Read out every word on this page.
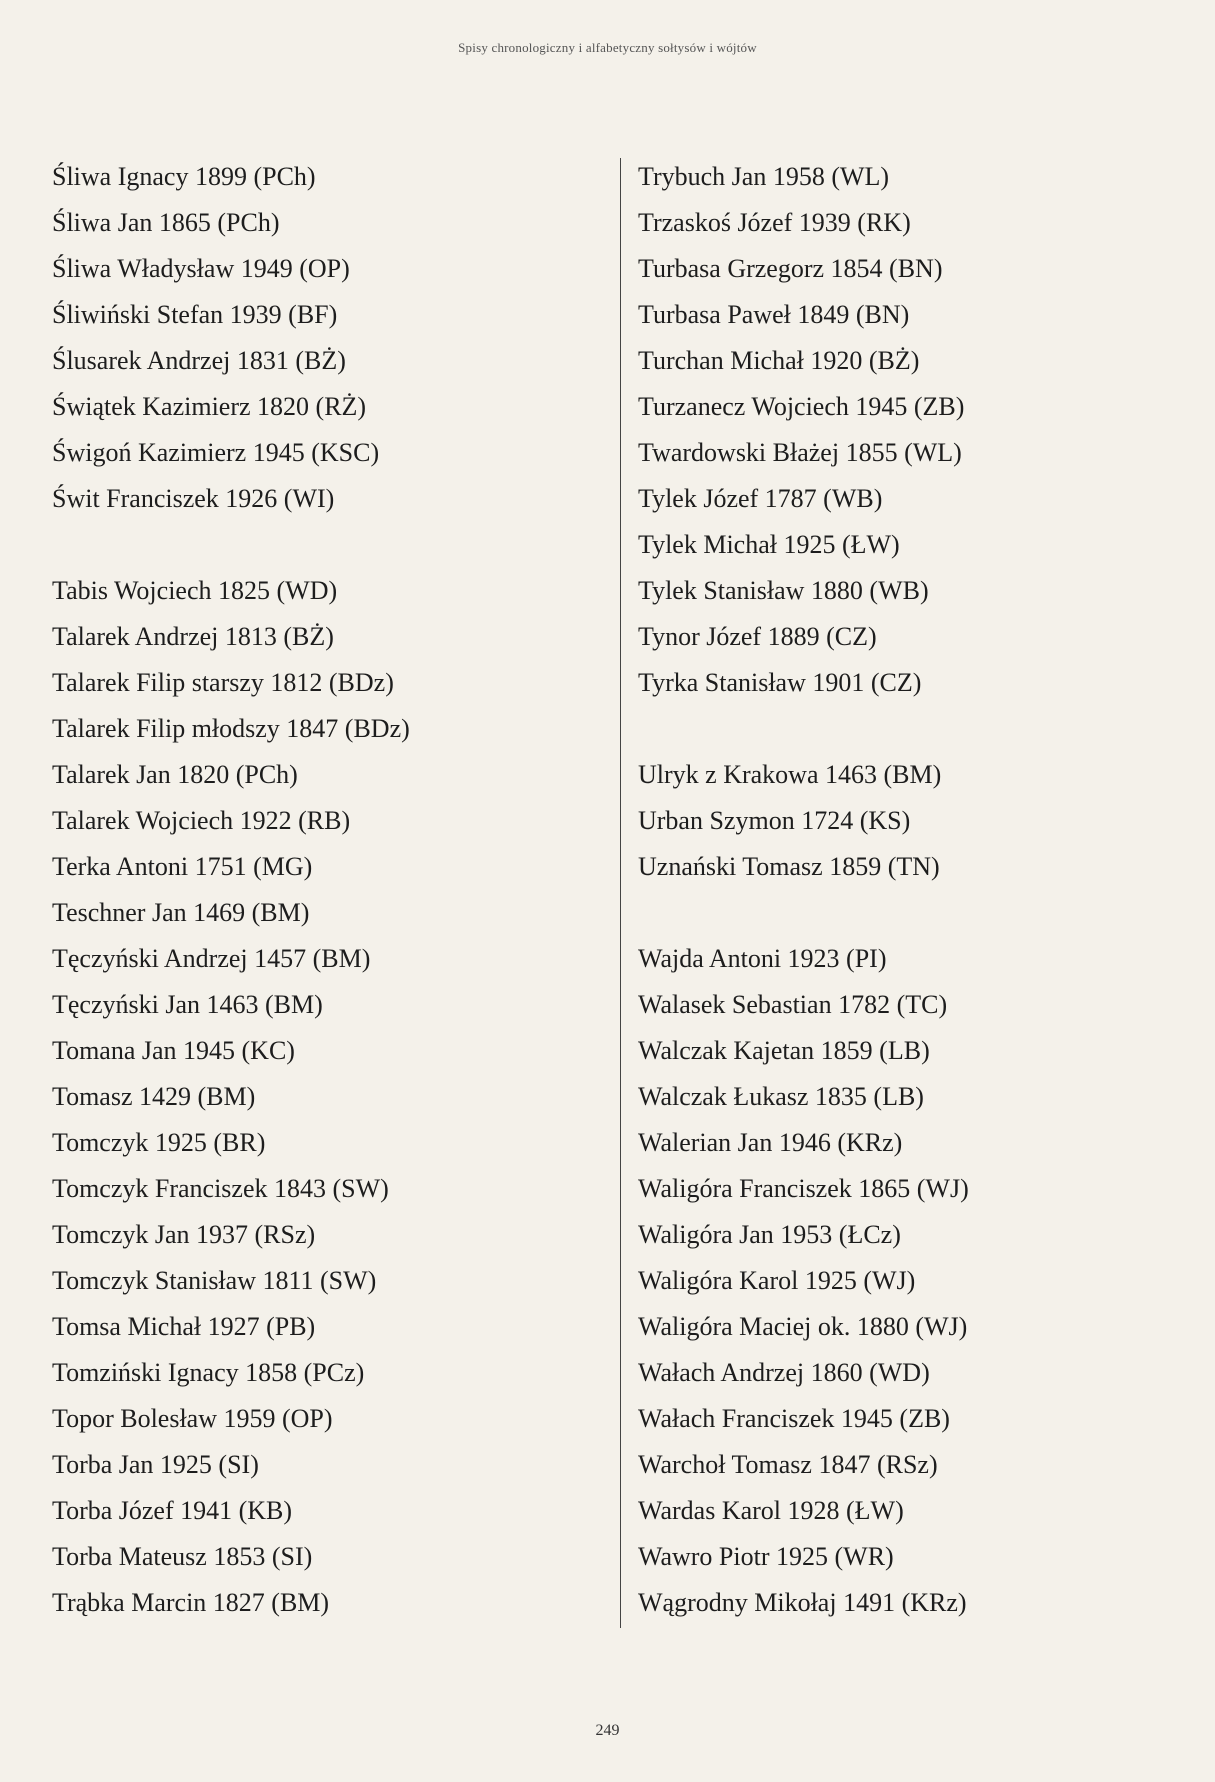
Spisy chronologiczny i alfabetyczny sołtysów i wójtów
Śliwa Ignacy 1899 (PCh)
Śliwa Jan 1865 (PCh)
Śliwa Władysław 1949 (OP)
Śliwiński Stefan 1939 (BF)
Ślusarek Andrzej 1831 (BŻ)
Świątek Kazimierz 1820 (RŻ)
Świgoń Kazimierz 1945 (KSC)
Świt Franciszek 1926 (WI)
Tabis Wojciech 1825 (WD)
Talarek Andrzej 1813 (BŻ)
Talarek Filip starszy 1812 (BDz)
Talarek Filip młodszy 1847 (BDz)
Talarek Jan 1820 (PCh)
Talarek Wojciech 1922 (RB)
Terka Antoni 1751 (MG)
Teschner Jan 1469 (BM)
Tęczyński Andrzej 1457 (BM)
Tęczyński Jan 1463 (BM)
Tomana Jan 1945 (KC)
Tomasz 1429 (BM)
Tomczyk 1925 (BR)
Tomczyk Franciszek 1843 (SW)
Tomczyk Jan 1937 (RSz)
Tomczyk Stanisław 1811 (SW)
Tomsa Michał 1927 (PB)
Tomziński Ignacy 1858 (PCz)
Topor Bolesław 1959 (OP)
Torba Jan 1925 (SI)
Torba Józef 1941 (KB)
Torba Mateusz 1853 (SI)
Trąbka Marcin 1827 (BM)
Trybuch Jan 1958 (WL)
Trzaskoś Józef 1939 (RK)
Turbasa Grzegorz 1854 (BN)
Turbasa Paweł 1849 (BN)
Turchan Michał 1920 (BŻ)
Turzanecz Wojciech 1945 (ZB)
Twardowski Błażej 1855 (WL)
Tylek Józef 1787 (WB)
Tylek Michał 1925 (ŁW)
Tylek Stanisław 1880 (WB)
Tynor Józef 1889 (CZ)
Tyrka Stanisław 1901 (CZ)
Ulryk z Krakowa 1463 (BM)
Urban Szymon 1724 (KS)
Uznański Tomasz 1859 (TN)
Wajda Antoni 1923 (PI)
Walasek Sebastian 1782 (TC)
Walczak Kajetan 1859 (LB)
Walczak Łukasz 1835 (LB)
Walerian Jan 1946 (KRz)
Waligóra Franciszek 1865 (WJ)
Waligóra Jan 1953 (ŁCz)
Waligóra Karol 1925 (WJ)
Waligóra Maciej ok. 1880 (WJ)
Wałach Andrzej 1860 (WD)
Wałach Franciszek 1945 (ZB)
Warchoł Tomasz 1847 (RSz)
Wardas Karol 1928 (ŁW)
Wawro Piotr 1925 (WR)
Wągrodny Mikołaj 1491 (KRz)
249
